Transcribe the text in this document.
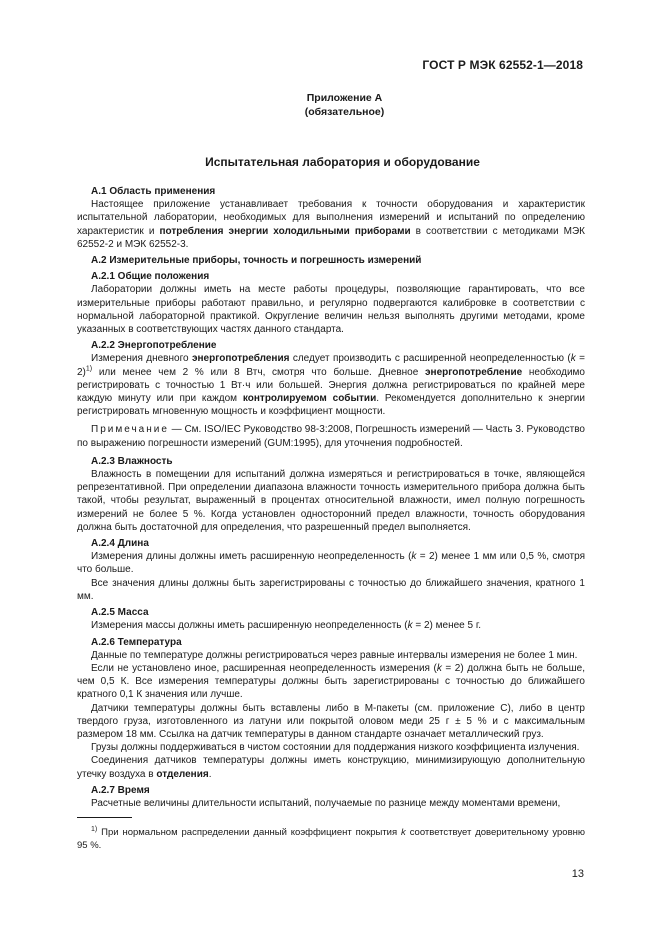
ГОСТ Р МЭК 62552-1—2018
Приложение А
(обязательное)
Испытательная лаборатория и оборудование
А.1 Область применения

Настоящее приложение устанавливает требования к точности оборудования и характеристик испытательной лаборатории, необходимых для выполнения измерений и испытаний по определению характеристик и потребления энергии холодильными приборами в соответствии с методиками МЭК 62552-2 и МЭК 62552-3.

А.2 Измерительные приборы, точность и погрешность измерений
А.2.1 Общие положения

Лаборатории должны иметь на месте работы процедуры, позволяющие гарантировать, что все измерительные приборы работают правильно, и регулярно подвергаются калибровке в соответствии с нормальной лабораторной практикой. Округление величин нельзя выполнять другими методами, кроме указанных в соответствующих частях данного стандарта.

А.2.2 Энергопотребление

Измерения дневного энергопотребления следует производить с расширенной неопределенностью (k = 2)$^{1)}$ или менее чем 2 % или 8 Втч, смотря что больше. Дневное энергопотребление необходимо регистрировать с точностью 1 Вт·ч или большей. Энергия должна регистрироваться по крайней мере каждую минуту или при каждом контролируемом событии. Рекомендуется дополнительно к энергии регистрировать мгновенную мощность и коэффициент мощности.

Примечание — См. ISO/IEC Руководство 98-3:2008, Погрешность измерений — Часть 3. Руководство по выражению погрешности измерений (GUM:1995), для уточнения подробностей.

А.2.3 Влажность

Влажность в помещении для испытаний должна измеряться и регистрироваться в точке, являющейся репрезентативной. При определении диапазона влажности точность измерительного прибора должна быть такой, чтобы результат, выраженный в процентах относительной влажности, имел полную погрешность измерений не более 5 %. Когда установлен односторонний предел влажности, точность оборудования должна быть достаточной для определения, что разрешенный предел выполняется.

А.2.4 Длина

Измерения длины должны иметь расширенную неопределенность (k = 2) менее 1 мм или 0,5 %, смотря что больше.

Все значения длины должны быть зарегистрированы с точностью до ближайшего значения, кратного 1 мм.

А.2.5 Масса

Измерения массы должны иметь расширенную неопределенность (k = 2) менее 5 г.

А.2.6 Температура

Данные по температуре должны регистрироваться через равные интервалы измерения не более 1 мин.

Если не установлено иное, расширенная неопределенность измерения (k = 2) должна быть не больше, чем 0,5 К. Все измерения температуры должны быть зарегистрированы с точностью до ближайшего кратного 0,1 К значения или лучше.

Датчики температуры должны быть вставлены либо в М-пакеты (см. приложение С), либо в центр твердого груза, изготовленного из латуни или покрытой оловом меди 25 г ± 5 % и с максимальным размером 18 мм. Ссылка на датчик температуры в данном стандарте означает металлический груз.

Грузы должны поддерживаться в чистом состоянии для поддержания низкого коэффициента излучения.

Соединения датчиков температуры должны иметь конструкцию, минимизирующую дополнительную утечку воздуха в отделения.

А.2.7 Время

Расчетные величины длительности испытаний, получаемые по разнице между моментами времени,

$^{1)}$ При нормальном распределении данный коэффициент покрытия k соответствует доверительному уровню 95 %.
13
